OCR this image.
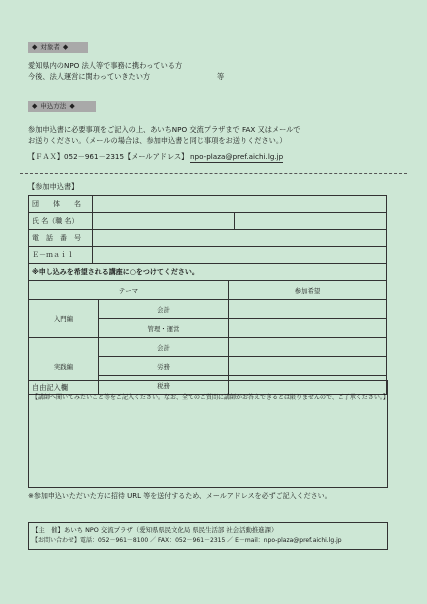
◆ 対象者 ◆
愛知県内のNPO 法人等で事務に携わっている方
今後、法人運営に関わっていきたい方	等
◆ 申込方法 ◆
参加申込書に必要事項をご記入の上、あいちNPO 交流プラザまで FAX 又はメールで
お送りください。（メールの場合は、参加申込書と同じ事項をお送りください。）
【ＦＡＸ】052－961－2315 【メールアドレス】 npo-plaza@pref.aichi.lg.jp
【参加申込書】
団　　体　　名		
氏 名（職 名）		
電　話　番　号		
Ｅ－ｍａｉｌ		
※申し込みを希望される講座に○をつけてください。		
テーマ		参加希望
入門編	会計	
	管理・運営	
実践編	会計	
	労務	
	税務	
自由記入欄
【講師へ聞いてみたいこと等をご記入ください。なお、全てのご質問に講師がお答えできるとは限りませんので、ご了承ください。】
※参加申込いただいた方に招待 URL 等を送付するため、メールアドレスを必ずご記入ください。
【主　催】あいち NPO 交流プラザ（愛知県県民文化局 県民生活部 社会活動推進課）
【お問い合わせ】電話：052－961－8100 ／ FAX：052－961－2315 ／ E－mail：npo-plaza@pref.aichi.lg.jp
